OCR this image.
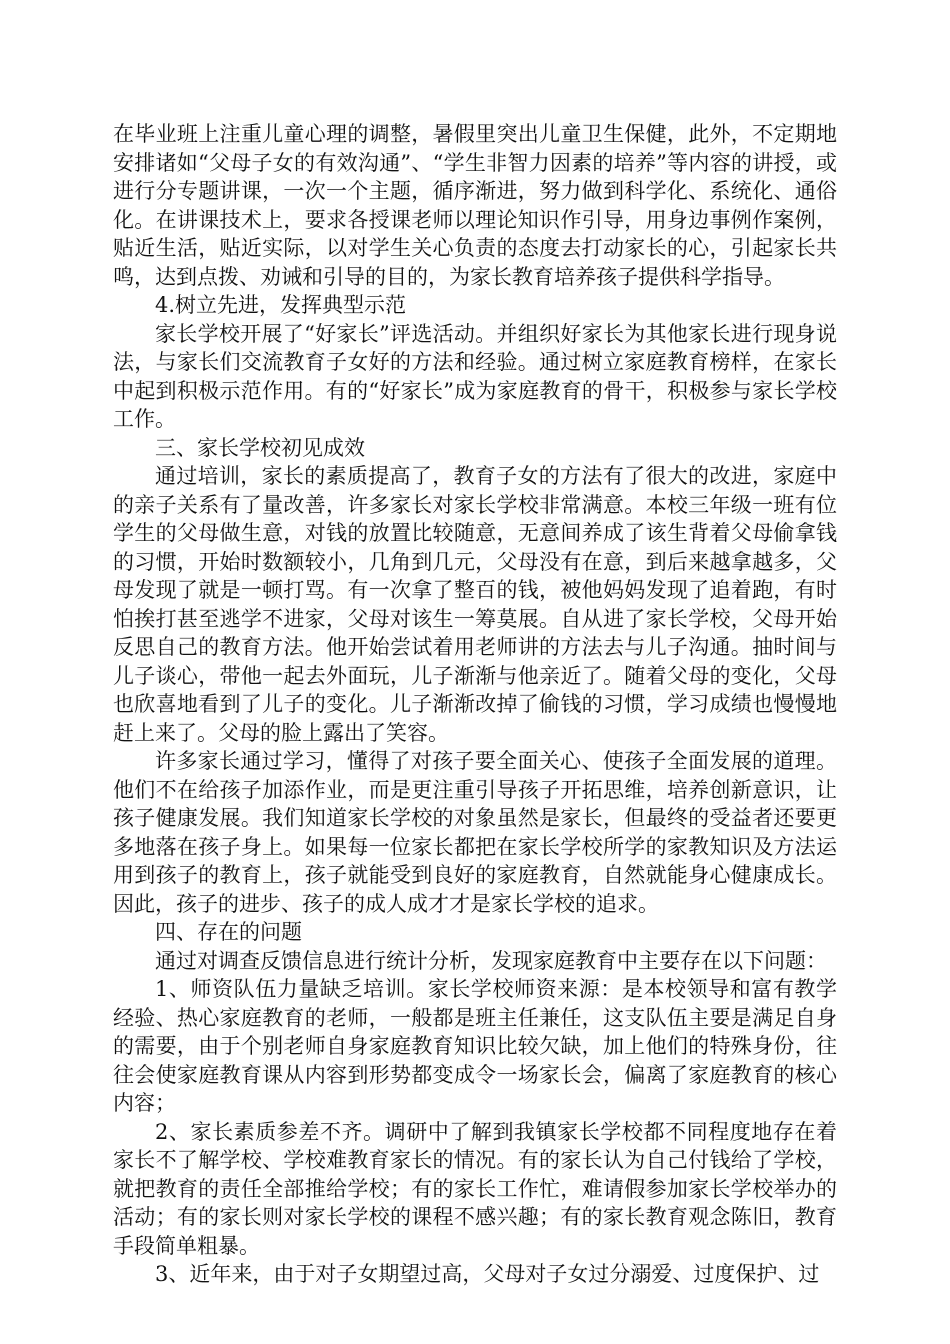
在毕业班上注重儿童心理的调整，暑假里突出儿童卫生保健，此外，不定期地安排诸如“父母子女的有效沟通”、“学生非智力因素的培养”等内容的讲授，或进行分专题讲课，一次一个主题，循序渐进，努力做到科学化、系统化、通俗化。在讲课技术上，要求各授课老师以理论知识作引导，用身边事例作案例，贴近生活，贴近实际，以对学生关心负责的态度去打动家长的心，引起家长共鸣，达到点拨、劝诫和引导的目的，为家长教育培养孩子提供科学指导。

4.树立先进，发挥典型示范

家长学校开展了“好家长”评选活动。并组织好家长为其他家长进行现身说法，与家长们交流教育子女好的方法和经验。通过树立家庭教育榜样，在家长中起到积极示范作用。有的“好家长”成为家庭教育的骨干，积极参与家长学校工作。

三、家长学校初见成效

通过培训，家长的素质提高了，教育子女的方法有了很大的改进，家庭中的亲子关系有了量改善，许多家长对家长学校非常满意。本校三年级一班有位学生的父母做生意，对钱的放置比较随意，无意间养成了该生背着父母偷拿钱的习惯，开始时数额较小，几角到几元，父母没有在意，到后来越拿越多，父母发现了就是一顿打骂。有一次拿了整百的钱，被他妈妈发现了追着跑，有时怕挨打甚至逃学不进家，父母对该生一筹莫展。自从进了家长学校，父母开始反思自己的教育方法。他开始尝试着用老师讲的方法去与儿子沟通。抽时间与儿子谈心，带他一起去外面玩，儿子渐渐与他亲近了。随着父母的变化，父母也欣喜地看到了儿子的变化。儿子渐渐改掉了偷钱的习惯，学习成绩也慢慢地赶上来了。父母的脸上露出了笑容。

许多家长通过学习，懂得了对孩子要全面关心、使孩子全面发展的道理。他们不在给孩子加添作业，而是更注重引导孩子开拓思维，培养创新意识，让孩子健康发展。我们知道家长学校的对象虽然是家长，但最终的受益者还要更多地落在孩子身上。如果每一位家长都把在家长学校所学的家教知识及方法运用到孩子的教育上，孩子就能受到良好的家庭教育，自然就能身心健康成长。因此，孩子的进步、孩子的成人成才才是家长学校的追求。

四、存在的问题

通过对调查反馈信息进行统计分析，发现家庭教育中主要存在以下问题：

1、师资队伍力量缺乏培训。家长学校师资来源：是本校领导和富有教学经验、热心家庭教育的老师，一般都是班主任兼任，这支队伍主要是满足自身的需要，由于个别老师自身家庭教育知识比较欠缺，加上他们的特殊身份，往往会使家庭教育课从内容到形势都变成令一场家长会，偏离了家庭教育的核心内容；

2、家长素质参差不齐。调研中了解到我镇家长学校都不同程度地存在着家长不了解学校、学校难教育家长的情况。有的家长认为自己付钱给了学校，就把教育的责任全部推给学校；有的家长工作忙，难请假参加家长学校举办的活动；有的家长则对家长学校的课程不感兴趣；有的家长教育观念陈旧，教育手段简单粗暴。

3、近年来，由于对子女期望过高，父母对子女过分溺爱、过度保护、过
